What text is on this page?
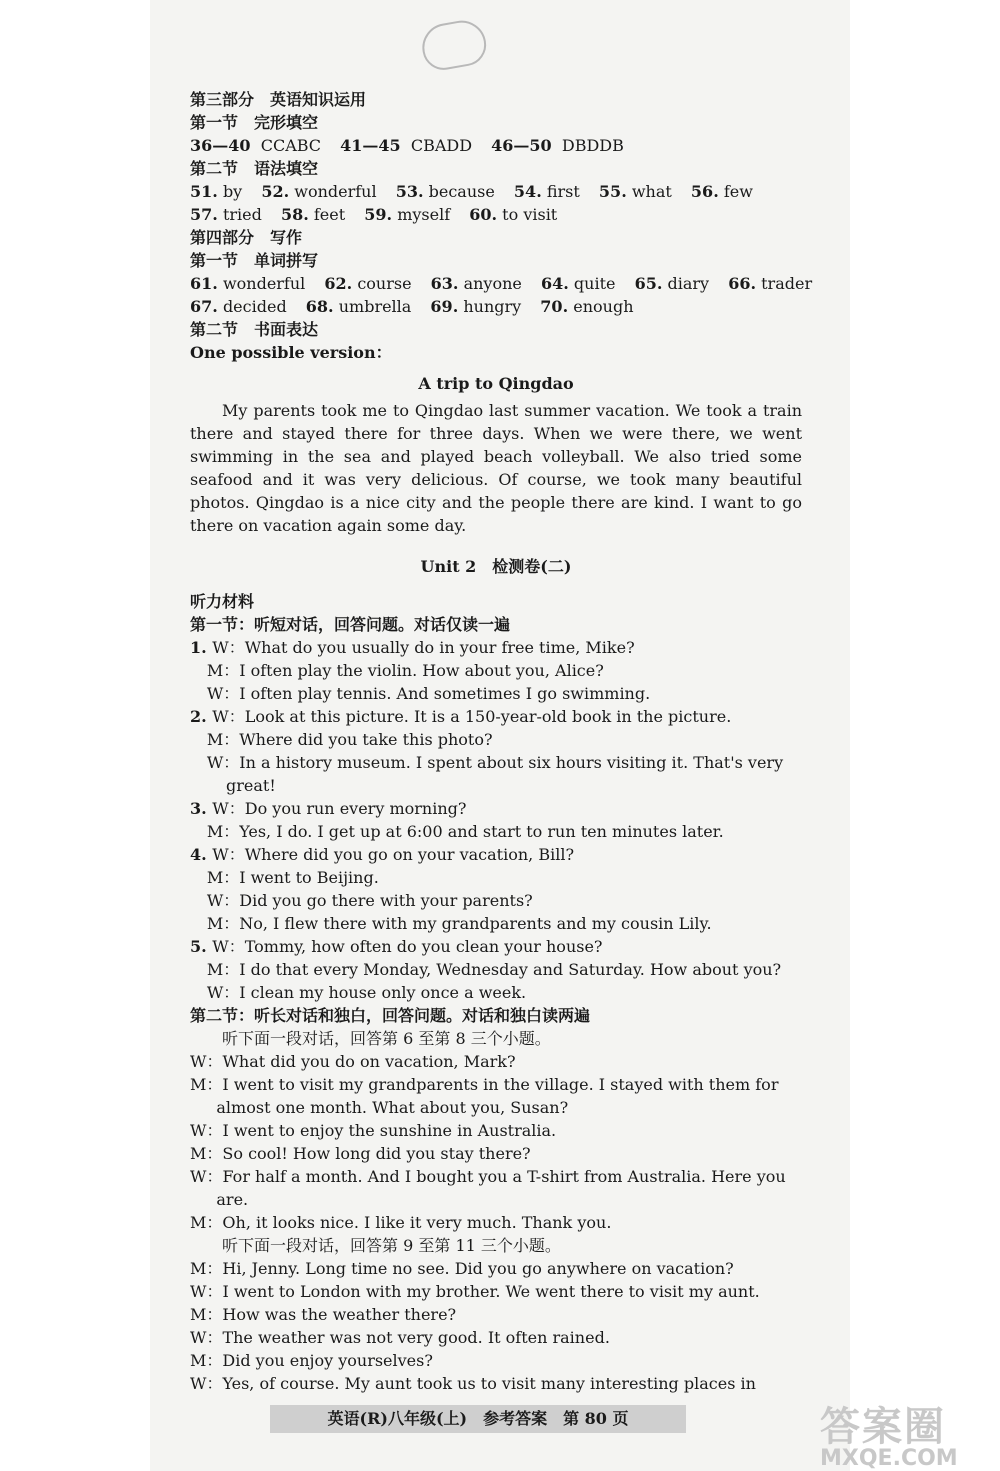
第三部分　英语知识运用
第一节　完形填空
36—40 CCABC 41—45 CBADD 46—50 DBDDB
第二节　语法填空
51. by 52. wonderful 53. because 54. first 55. what 56. few
57. tried 58. feet 59. myself 60. to visit
第四部分　写作
第一节　单词拼写
61. wonderful 62. course 63. anyone 64. quite 65. diary 66. trader
67. decided 68. umbrella 69. hungry 70. enough
第二节　书面表达
One possible version：
A trip to Qingdao
My parents took me to Qingdao last summer vacation. We took a train there and stayed there for three days. When we were there, we went swimming in the sea and played beach volleyball. We also tried some seafood and it was very delicious. Of course, we took many beautiful photos. Qingdao is a nice city and the people there are kind. I want to go there on vacation again some day.
Unit 2　检测卷(二)
听力材料
第一节：听短对话，回答问题。对话仅读一遍
1. W：What do you usually do in your free time, Mike?
M：I often play the violin. How about you, Alice?
W：I often play tennis. And sometimes I go swimming.
2. W：Look at this picture. It is a 150-year-old book in the picture.
M：Where did you take this photo?
W：In a history museum. I spent about six hours visiting it. That's very great!
3. W：Do you run every morning?
M：Yes, I do. I get up at 6:00 and start to run ten minutes later.
4. W：Where did you go on your vacation, Bill?
M：I went to Beijing.
W：Did you go there with your parents?
M：No, I flew there with my grandparents and my cousin Lily.
5. W：Tommy, how often do you clean your house?
M：I do that every Monday, Wednesday and Saturday. How about you?
W：I clean my house only once a week.
第二节：听长对话和独白，回答问题。对话和独白读两遍
听下面一段对话，回答第 6 至第 8 三个小题。
W：What did you do on vacation, Mark?
M：I went to visit my grandparents in the village. I stayed with them for almost one month. What about you, Susan?
W：I went to enjoy the sunshine in Australia.
M：So cool! How long did you stay there?
W：For half a month. And I bought you a T-shirt from Australia. Here you are.
M：Oh, it looks nice. I like it very much. Thank you.
听下面一段对话，回答第 9 至第 11 三个小题。
M：Hi, Jenny. Long time no see. Did you go anywhere on vacation?
W：I went to London with my brother. We went there to visit my aunt.
M：How was the weather there?
W：The weather was not very good. It often rained.
M：Did you enjoy yourselves?
W：Yes, of course. My aunt took us to visit many interesting places in
英语(R)八年级(上)　参考答案　第 80 页	答案圈
MXQE.COM
